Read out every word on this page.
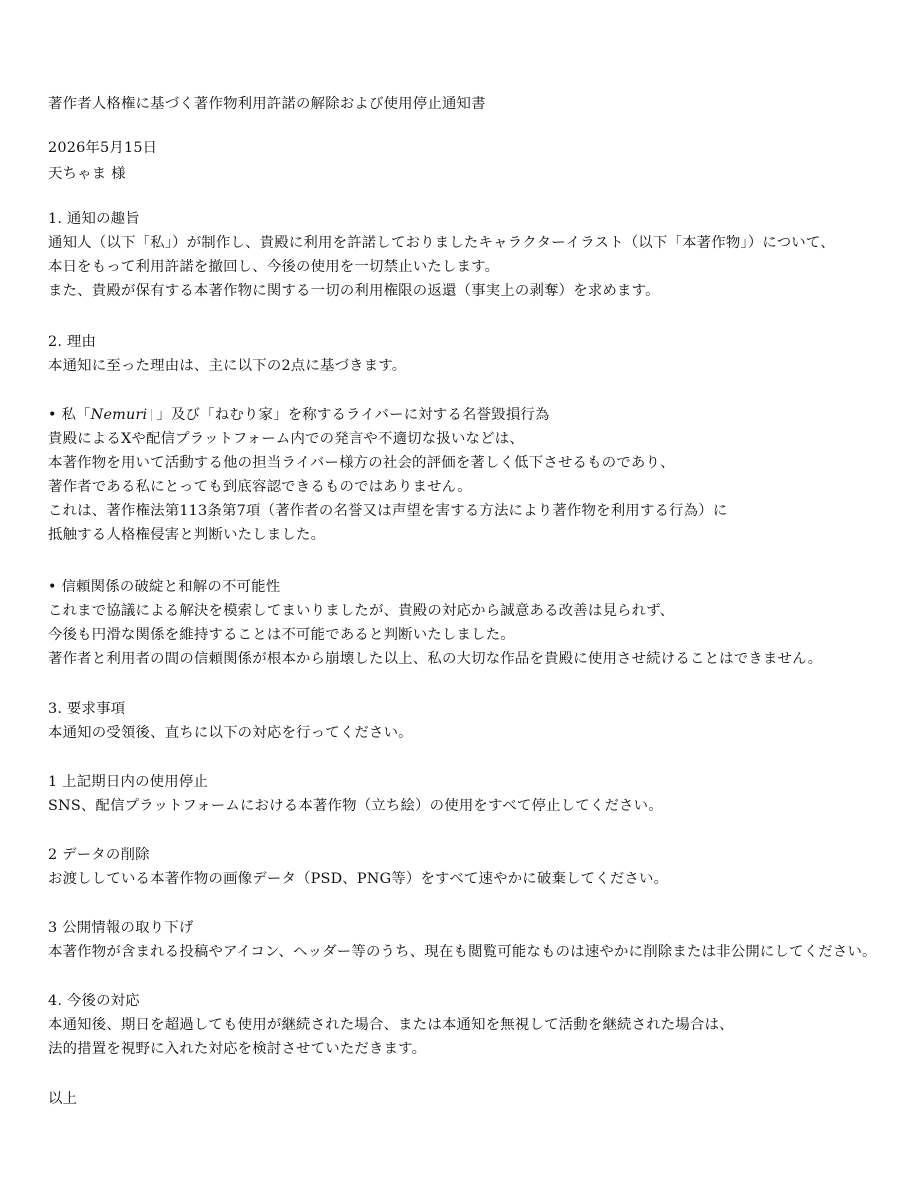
著作者人格権に基づく著作物利用許諾の解除および使用停止通知書
2026年5月15日
天ちゃま 様
1. 通知の趣旨
通知人（以下「私」）が制作し、貴殿に利用を許諾しておりましたキャラクターイラスト（以下「本著作物」）について、
本日をもって利用許諾を撤回し、今後の使用を一切禁止いたします。
また、貴殿が保有する本著作物に関する一切の利用権限の返還（事実上の剥奪）を求めます。
2. 理由
本通知に至った理由は、主に以下の2点に基づきます。
• 私「Nemuri 」及び「ねむり家」を称するライバーに対する名誉毀損行為
貴殿によるXや配信プラットフォーム内での発言や不適切な扱いなどは、
本著作物を用いて活動する他の担当ライバー様方の社会的評価を著しく低下させるものであり、
著作者である私にとっても到底容認できるものではありません。
これは、著作権法第113条第7項（著作者の名誉又は声望を害する方法により著作物を利用する行為）に
抵触する人格権侵害と判断いたしました。
• 信頼関係の破綻と和解の不可能性
これまで協議による解決を模索してまいりましたが、貴殿の対応から誠意ある改善は見られず、
今後も円滑な関係を維持することは不可能であると判断いたしました。
著作者と利用者の間の信頼関係が根本から崩壊した以上、私の大切な作品を貴殿に使用させ続けることはできません。
3. 要求事項
本通知の受領後、直ちに以下の対応を行ってください。
1 上記期日内の使用停止
SNS、配信プラットフォームにおける本著作物（立ち絵）の使用をすべて停止してください。
2 データの削除
お渡ししている本著作物の画像データ（PSD、PNG等）をすべて速やかに破棄してください。
3 公開情報の取り下げ
本著作物が含まれる投稿やアイコン、ヘッダー等のうち、現在も閲覧可能なものは速やかに削除または非公開にしてください。
4. 今後の対応
本通知後、期日を超過しても使用が継続された場合、または本通知を無視して活動を継続された場合は、
法的措置を視野に入れた対応を検討させていただきます。
以上
